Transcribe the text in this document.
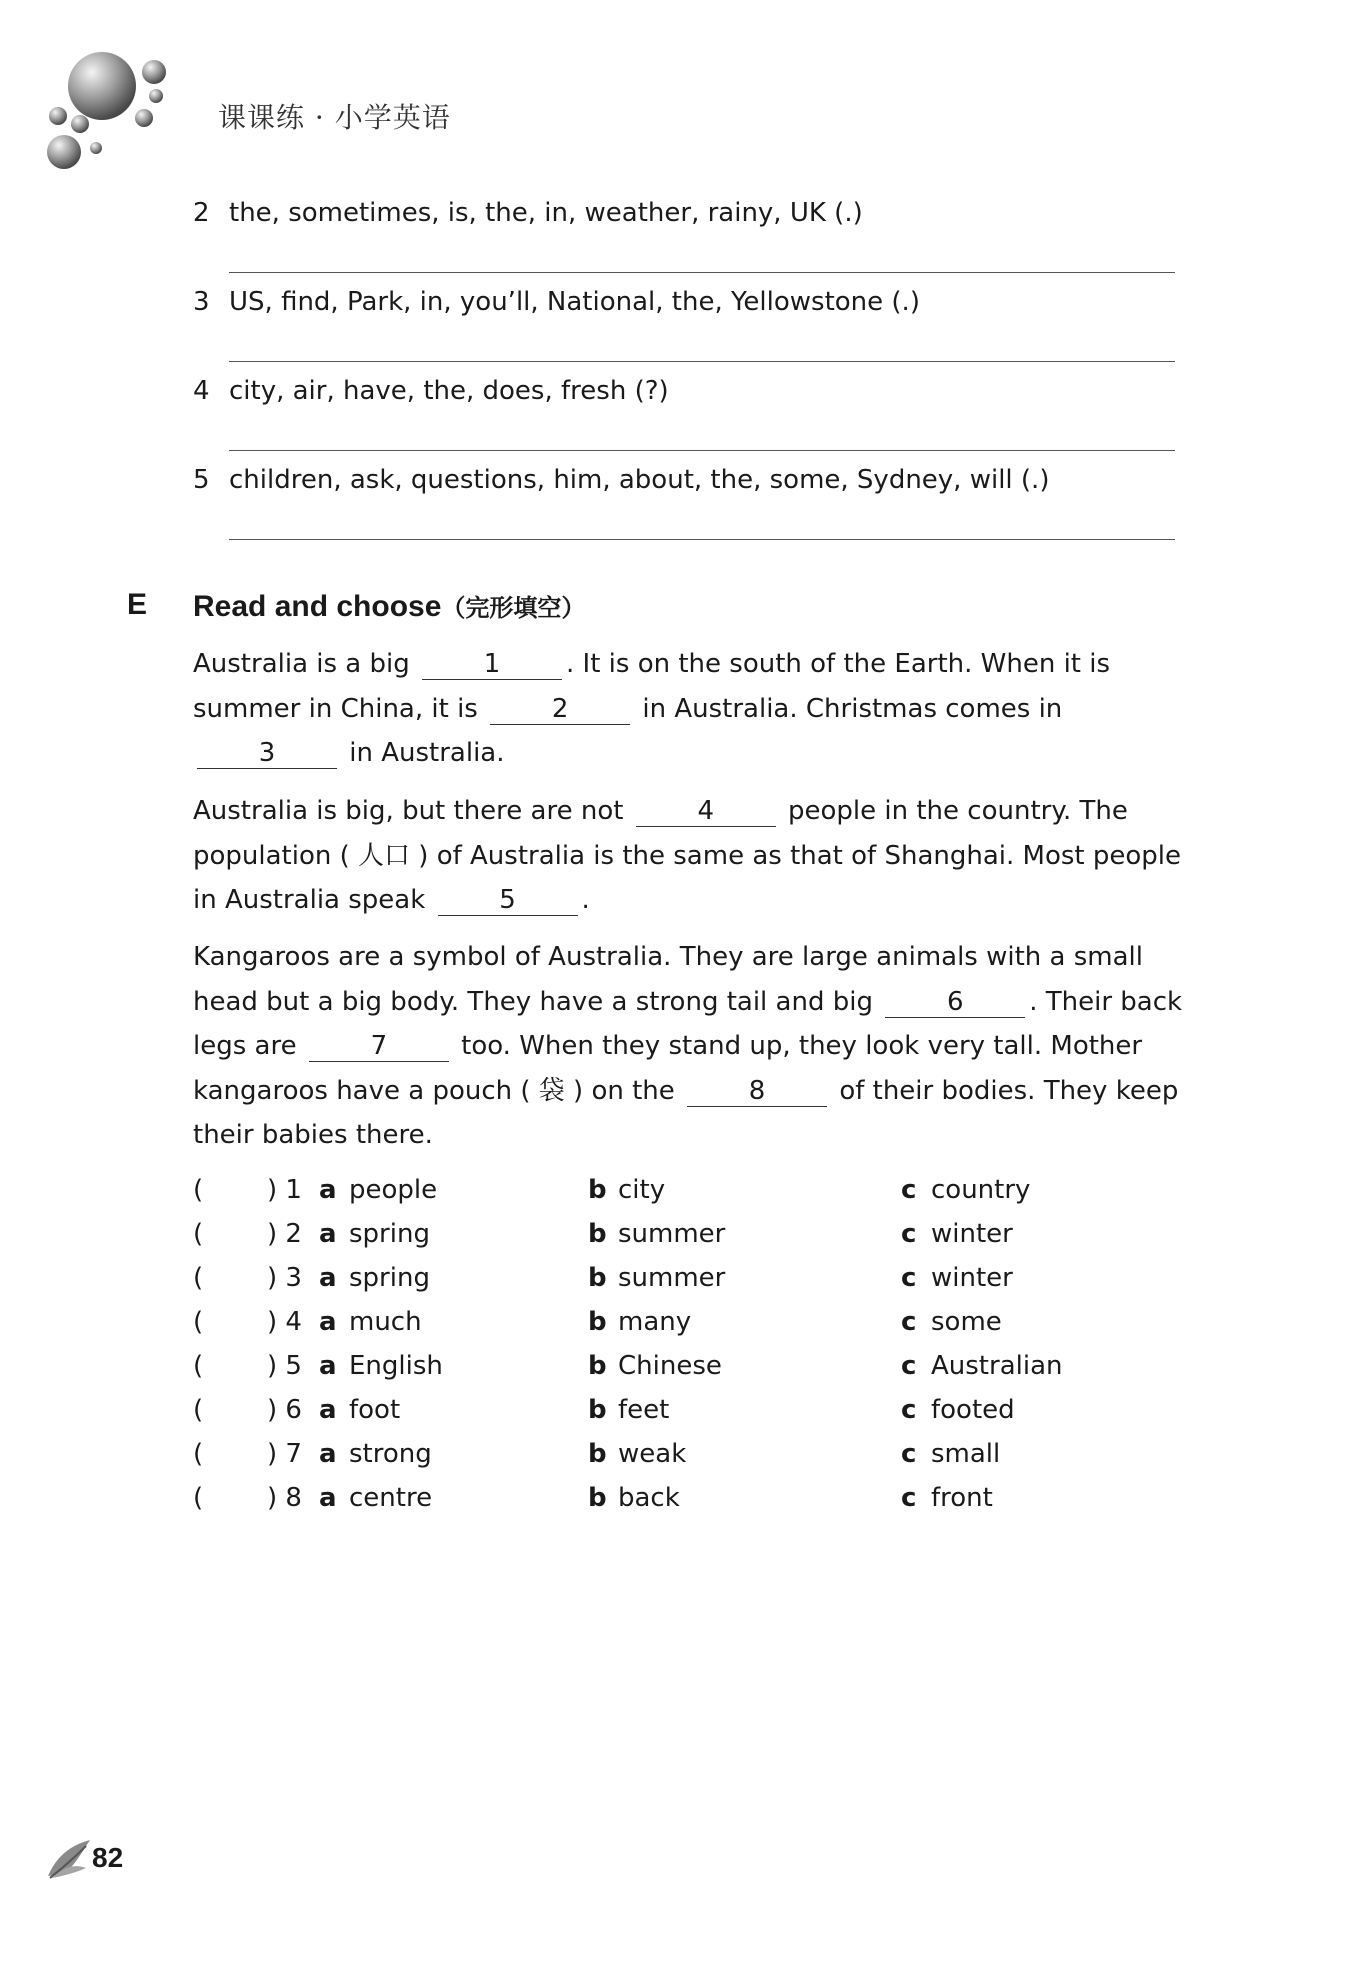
课课练 · 小学英语
2 the, sometimes, is, the, in, weather, rainy, UK (.)
3 US, find, Park, in, you’ll, National, the, Yellowstone (.)
4 city, air, have, the, does, fresh (?)
5 children, ask, questions, him, about, the, some, Sydney, will (.)
E Read and choose（完形填空）
Australia is a big	1	. It is on the south of the Earth. When it is summer in China, it is	2	in Australia. Christmas comes in 3	in Australia.
Australia is big, but there are not	4	people in the country. The population ( 人口 ) of Australia is the same as that of Shanghai. Most people in Australia speak	5	.
Kangaroos are a symbol of Australia. They are large animals with a small head but a big body. They have a strong tail and big	6	. Their back legs are	7	too. When they stand up, they look very tall. Mother kangaroos have a pouch ( 袋 ) on the	8	of their bodies. They keep their babies there.
( ) 1 a people	b city	c country
( ) 2 a spring	b summer	c winter
( ) 3 a spring	b summer	c winter
( ) 4 a much	b many	c some
( ) 5 a English	b Chinese	c Australian
( ) 6 a foot	b feet	c footed
( ) 7 a strong	b weak	c small
( ) 8 a centre	b back	c front
82
